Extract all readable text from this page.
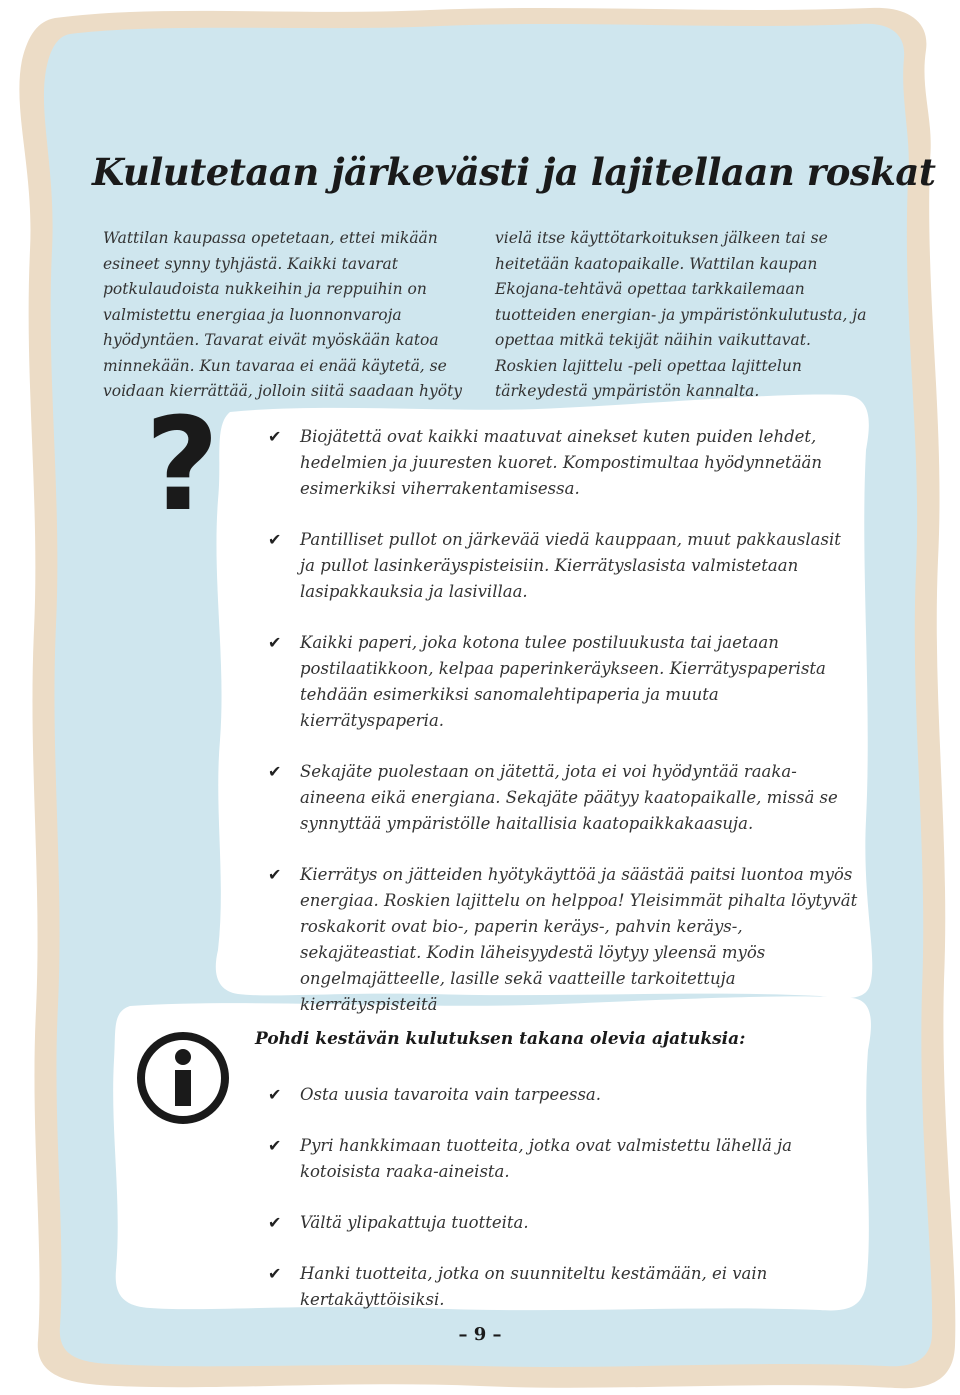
Kulutetaan järkevästi ja lajitellaan roskat

Wattilan kaupassa opetetaan, ettei mikään esineet synny tyhjästä. Kaikki tavarat potkulaudoista nukkeihin ja reppuihin on valmistettu energiaa ja luonnonvaroja hyödyntäen. Tavarat eivät myöskään katoa minnekään. Kun tavaraa ei enää käytetä, se voidaan kierrättää, jolloin siitä saadaan hyöty

vielä itse käyttötarkoituksen jälkeen tai se heitetään kaatopaikalle. Wattilan kaupan Ekojana-tehtävä opettaa tarkkailemaan tuotteiden energian- ja ympäristönkulutusta, ja opettaa mitkä tekijät näihin vaikuttavat. Roskien lajittelu -peli opettaa lajittelun tärkeydestä ympäristön kannalta.

?	✔ Biojätettä ovat kaikki maatuvat ainekset kuten puiden lehdet, hedelmien ja juuresten kuoret. Kompostimultaa hyödynnetään esimerkiksi viherrakentamisessa.
✔ Pantilliset pullot on järkevää viedä kauppaan, muut pakkauslasit ja pullot lasinkeräyspisteisiin. Kierrätyslasista valmistetaan lasipakkauksia ja lasivillaa.
✔ Kaikki paperi, joka kotona tulee postiluukusta tai jaetaan postilaatikkoon, kelpaa paperinkeräykseen. Kierrätyspaperista tehdään esimerkiksi sanomalehtipaperia ja muuta kierrätyspaperia.
✔ Sekajäte puolestaan on jätettä, jota ei voi hyödyntää raaka-aineena eikä energiana. Sekajäte päätyy kaatopaikalle, missä se synnyttää ympäristölle haitallisia kaatopaikkakaasuja.
✔ Kierrätys on jätteiden hyötykäyttöä ja säästää paitsi luontoa myös energiaa. Roskien lajittelu on helppoa! Yleisimmät pihalta löytyvät roskakorit ovat bio-, paperin keräys-, pahvin keräys-, sekajäteastiat. Kodin läheisyydestä löytyy yleensä myös ongelmajätteelle, lasille sekä vaatteille tarkoitettuja kierrätyspisteitä

Pohdi kestävän kulutuksen takana olevia ajatuksia:

✔ Osta uusia tavaroita vain tarpeessa.
✔ Pyri hankkimaan tuotteita, jotka ovat valmistettu lähellä ja kotoisista raaka-aineista.
✔ Vältä ylipakattuja tuotteita.
✔ Hanki tuotteita, jotka on suunniteltu kestämään, ei vain kertakäyttöisiksi.
– 9 –
